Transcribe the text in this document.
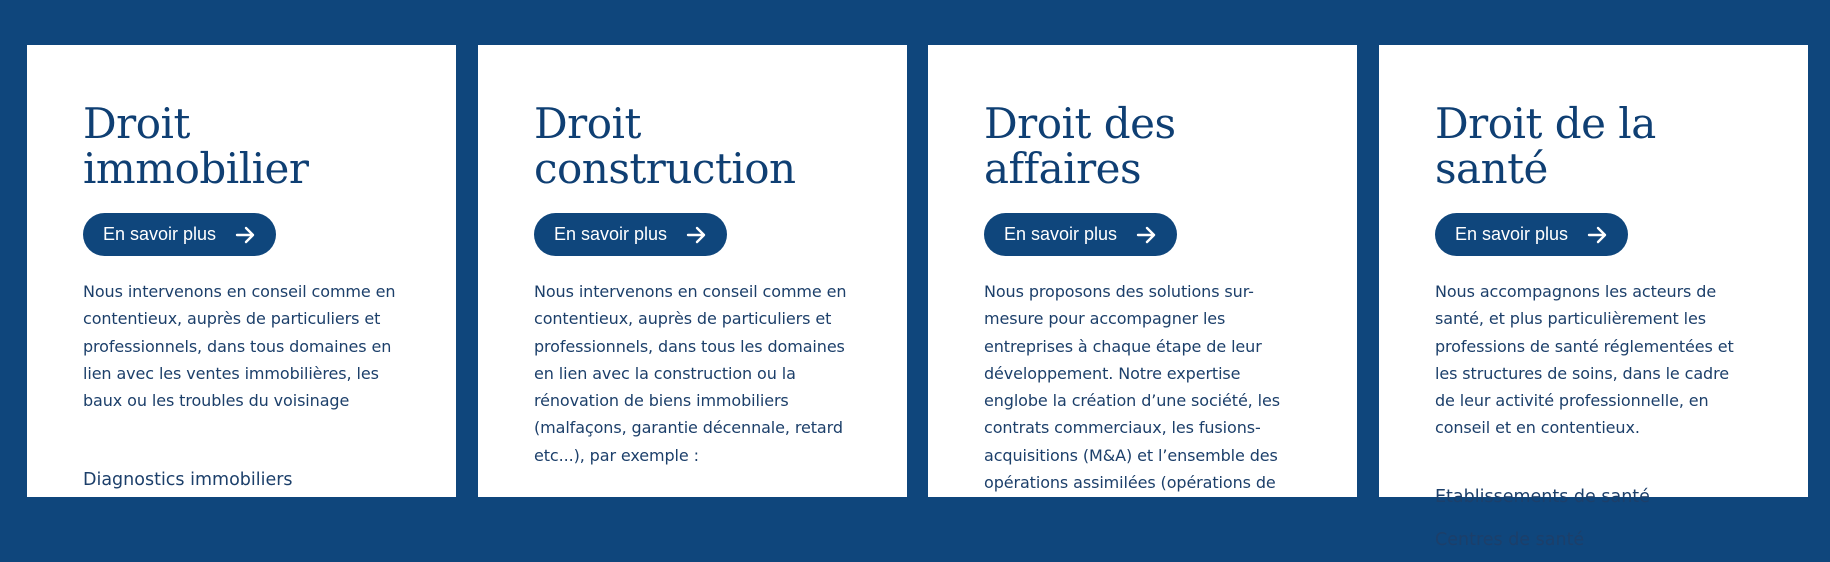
Droit
immobilier
En savoir plus

Nous intervenons en conseil comme en
contentieux, auprès de particuliers et
professionnels, dans tous domaines en
lien avec les ventes immobilières, les
baux ou les troubles du voisinage

Diagnostics immobiliers
Droit
construction
En savoir plus

Nous intervenons en conseil comme en
contentieux, auprès de particuliers et
professionnels, dans tous les domaines
en lien avec la construction ou la
rénovation de biens immobiliers
(malfaçons, garantie décennale, retard
etc...), par exemple :

Droit des
affaires
En savoir plus

Nous proposons des solutions sur-
mesure pour accompagner les
entreprises à chaque étape de leur
développement. Notre expertise
englobe la création d’une société, les
contrats commerciaux, les fusions-
acquisitions (M&A) et l’ensemble des
opérations assimilées (opérations de

Droit de la santé
En savoir plus

Nous accompagnons les acteurs de
santé, et plus particulièrement les
professions de santé réglementées et
les structures de soins, dans le cadre
de leur activité professionnelle, en
conseil et en contentieux.

Etablissements de santé
Centres de santé
